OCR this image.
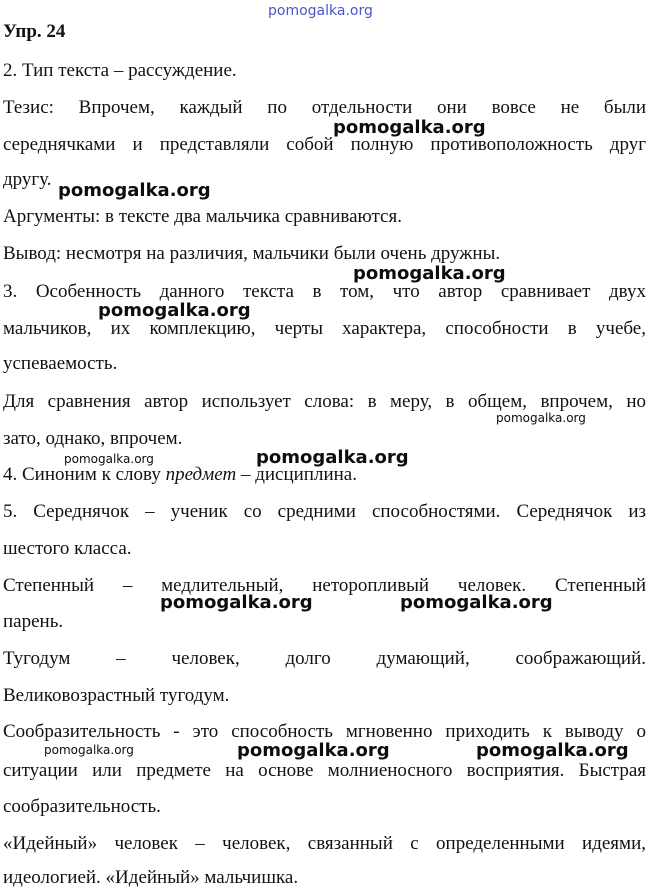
Упр. 24
2. Тип текста – рассуждение.
Тезис: Впрочем, каждый по отдельности они вовсе не были
середнячками и представляли собой полную противоположность друг
другу.
Аргументы: в тексте два мальчика сравниваются.
Вывод: несмотря на различия, мальчики были очень дружны.
3. Особенность данного текста в том, что автор сравнивает двух
мальчиков, их комплекцию, черты характера, способности в учебе,
успеваемость.
Для сравнения автор использует слова: в меру, в общем, впрочем, но
зато, однако, впрочем.
4. Синоним к слову предмет – дисциплина.
5. Середнячок – ученик со средними способностями. Середнячок из
шестого класса.
Степенный – медлительный, неторопливый человек. Степенный
парень.
Тугодум – человек, долго думающий, соображающий.
Великовозрастный тугодум.
Сообразительность - это способность мгновенно приходить к выводу о
ситуации или предмете на основе молниеносного восприятия. Быстрая
сообразительность.
«Идейный» человек – человек, связанный с определенными идеями,
идеологией. «Идейный» мальчишка.
pomogalka.org
pomogalka.org
pomogalka.org
pomogalka.org
pomogalka.org
pomogalka.org
pomogalka.org
pomogalka.org
pomogalka.org	pomogalka.org
pomogalka.org	pomogalka.org	pomogalka.org
